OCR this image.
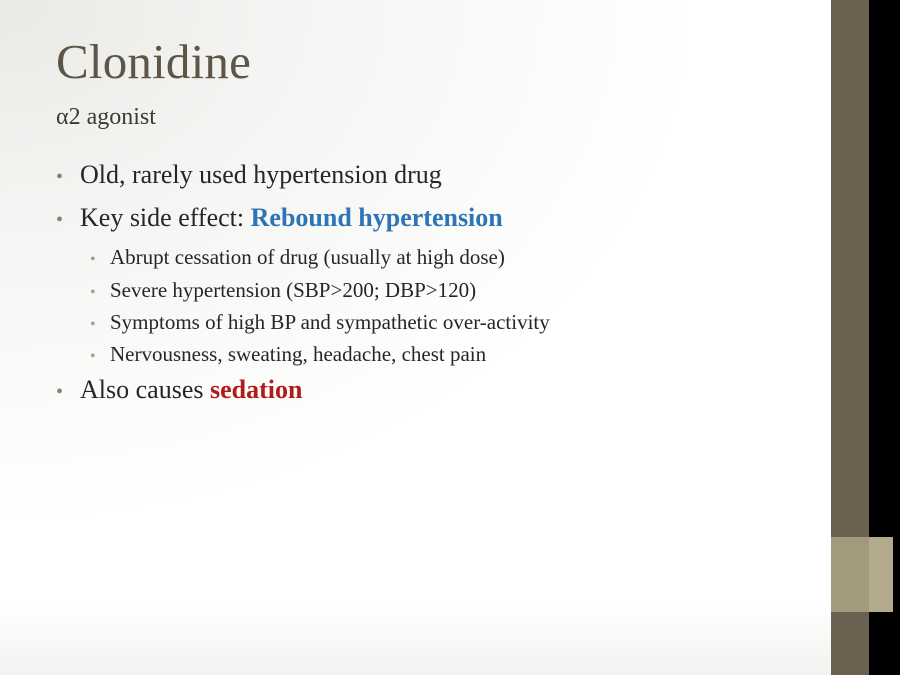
Clonidine
α2 agonist
• Old, rarely used hypertension drug
• Key side effect: Rebound hypertension
• Abrupt cessation of drug (usually at high dose)
• Severe hypertension (SBP>200; DBP>120)
• Symptoms of high BP and sympathetic over-activity
• Nervousness, sweating, headache, chest pain
• Also causes sedation
